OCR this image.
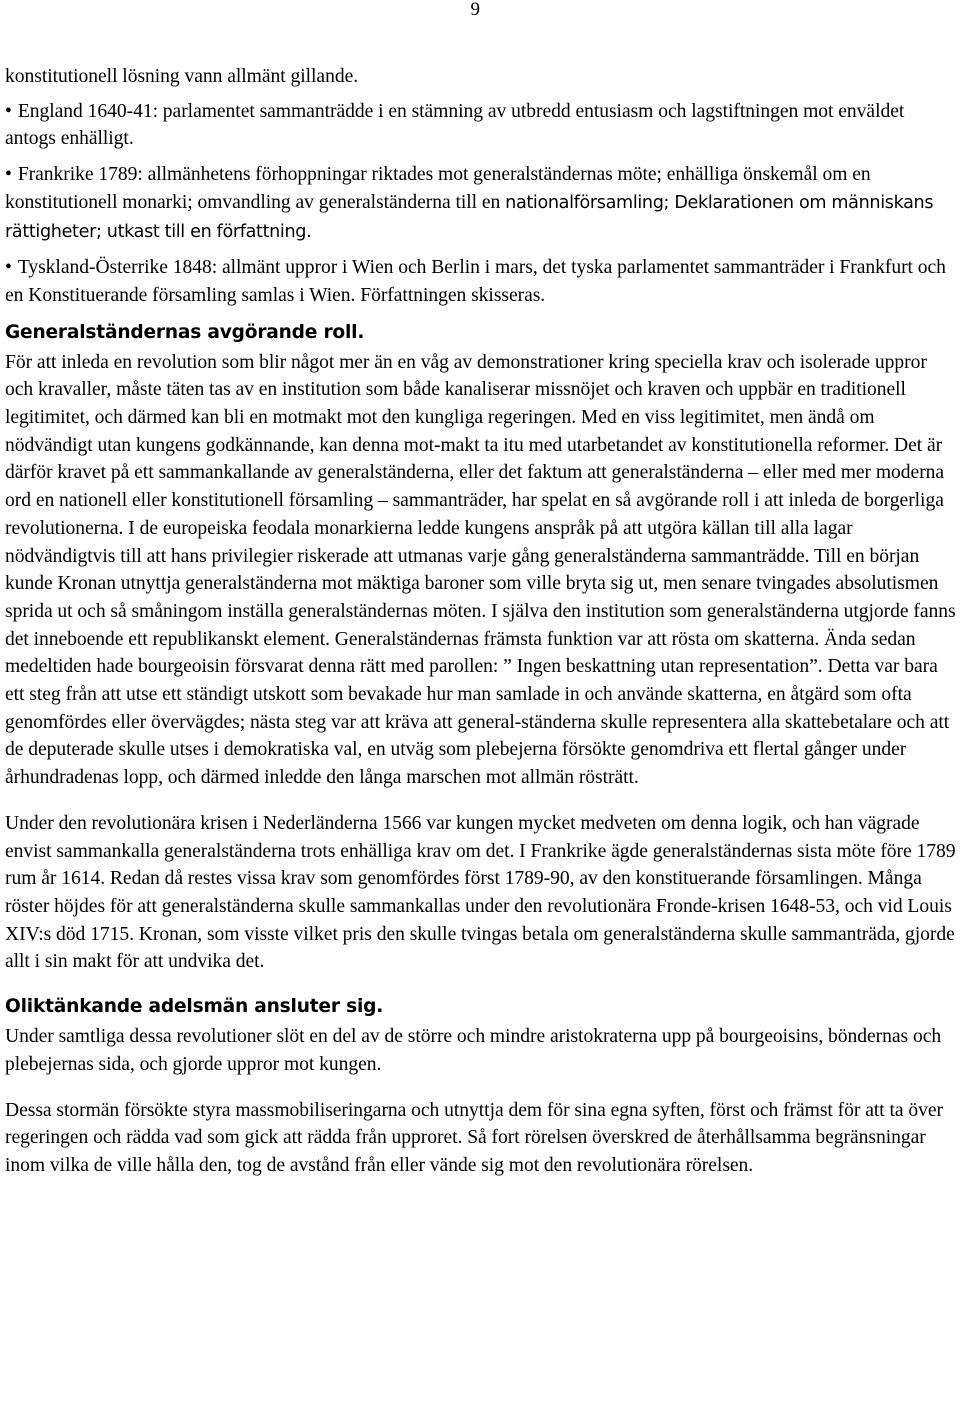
9

konstitutionell lösning vann allmänt gillande.

• England 1640-41: parlamentet sammanträdde i en stämning av utbredd entusiasm och lagstiftningen mot enväldet antogs enhälligt.

• Frankrike 1789: allmänhetens förhoppningar riktades mot generalständernas möte; enhälliga önskemål om en konstitutionell monarki; omvandling av generalständerna till en nationalförsamling; Deklarationen om människans rättigheter; utkast till en författning.

• Tyskland-Österrike 1848: allmänt uppror i Wien och Berlin i mars, det tyska parlamentet sammanträder i Frankfurt och en Konstituerande församling samlas i Wien. Författningen skisseras.

Generalständernas avgörande roll.

För att inleda en revolution som blir något mer än en våg av demonstrationer kring speciella krav och isolerade uppror och kravaller, måste täten tas av en institution som både kanaliserar missnöjet och kraven och uppbär en traditionell legitimitet, och därmed kan bli en motmakt mot den kungliga regeringen. Med en viss legitimitet, men ändå om nödvändigt utan kungens godkännande, kan denna mot-makt ta itu med utarbetandet av konstitutionella reformer. Det är därför kravet på ett sammankallande av generalständerna, eller det faktum att generalständerna – eller med mer moderna ord en nationell eller konstitutionell församling – sammanträder, har spelat en så avgörande roll i att inleda de borgerliga revolutionerna. I de europeiska feodala monarkierna ledde kungens anspråk på att utgöra källan till alla lagar nödvändigtvis till att hans privilegier riskerade att utmanas varje gång generalständerna sammanträdde. Till en början kunde Kronan utnyttja generalständerna mot mäktiga baroner som ville bryta sig ut, men senare tvingades absolutismen sprida ut och så småningom inställa generalständernas möten. I själva den institution som generalständerna utgjorde fanns det inneboende ett republikanskt element. Generalständernas främsta funktion var att rösta om skatterna. Ända sedan medeltiden hade bourgeoisin försvarat denna rätt med parollen: ” Ingen beskattning utan representation”. Detta var bara ett steg från att utse ett ständigt utskott som bevakade hur man samlade in och använde skatterna, en åtgärd som ofta genomfördes eller övervägdes; nästa steg var att kräva att general-ständerna skulle representera alla skattebetalare och att de deputerade skulle utses i demokratiska val, en utväg som plebejerna försökte genomdriva ett flertal gånger under århundradenas lopp, och därmed inledde den långa marschen mot allmän rösträtt.

Under den revolutionära krisen i Nederländerna 1566 var kungen mycket medveten om denna logik, och han vägrade envist sammankalla generalständerna trots enhälliga krav om det. I Frankrike ägde generalständernas sista möte före 1789 rum år 1614. Redan då restes vissa krav som genomfördes först 1789-90, av den konstituerande församlingen. Många röster höjdes för att generalständerna skulle sammankallas under den revolutionära Fronde-krisen 1648-53, och vid Louis XIV:s död 1715. Kronan, som visste vilket pris den skulle tvingas betala om generalständerna skulle sammanträda, gjorde allt i sin makt för att undvika det.

Oliktänkande adelsmän ansluter sig.

Under samtliga dessa revolutioner slöt en del av de större och mindre aristokraterna upp på bourgeoisins, böndernas och plebejernas sida, och gjorde uppror mot kungen.

Dessa stormän försökte styra massmobiliseringarna och utnyttja dem för sina egna syften, först och främst för att ta över regeringen och rädda vad som gick att rädda från upproret. Så fort rörelsen överskred de återhållsamma begränsningar inom vilka de ville hålla den, tog de avstånd från eller vände sig mot den revolutionära rörelsen.
